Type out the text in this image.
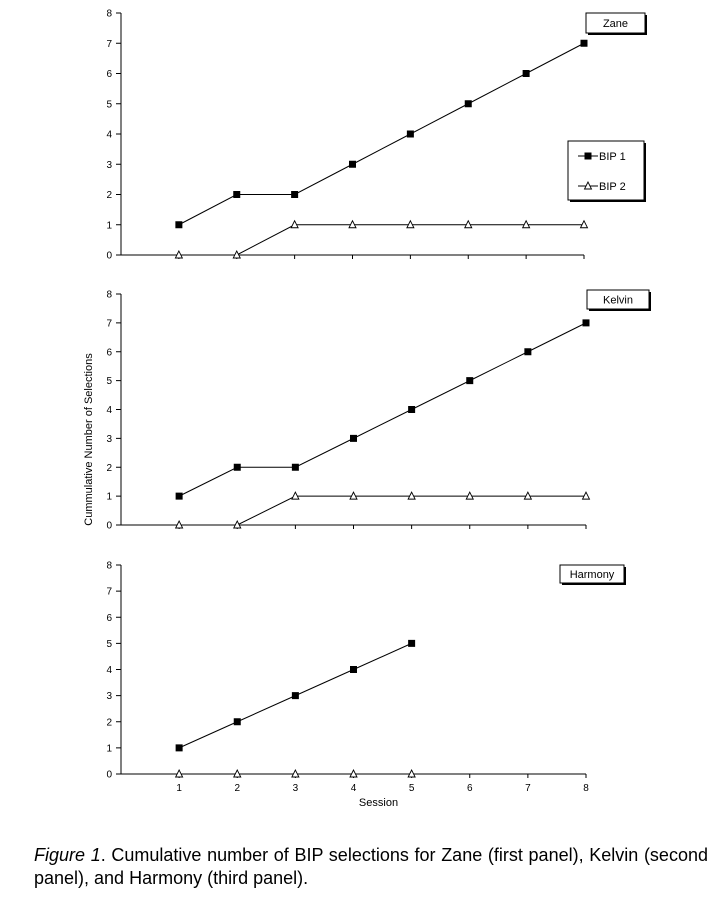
0
1
2
3
4
5
6
7
8
Zane
BIP 1
BIP 2
0
1
2
3
4
5
6
7
8
Cummulative Number of Selections
Kelvin
0
1
2
3
4
5
6
7
8
1	2	3	4	5	6	7	8
Session
Harmony
Figure 1. Cumulative number of BIP selections for Zane (first panel), Kelvin (second panel), and Harmony (third panel).
